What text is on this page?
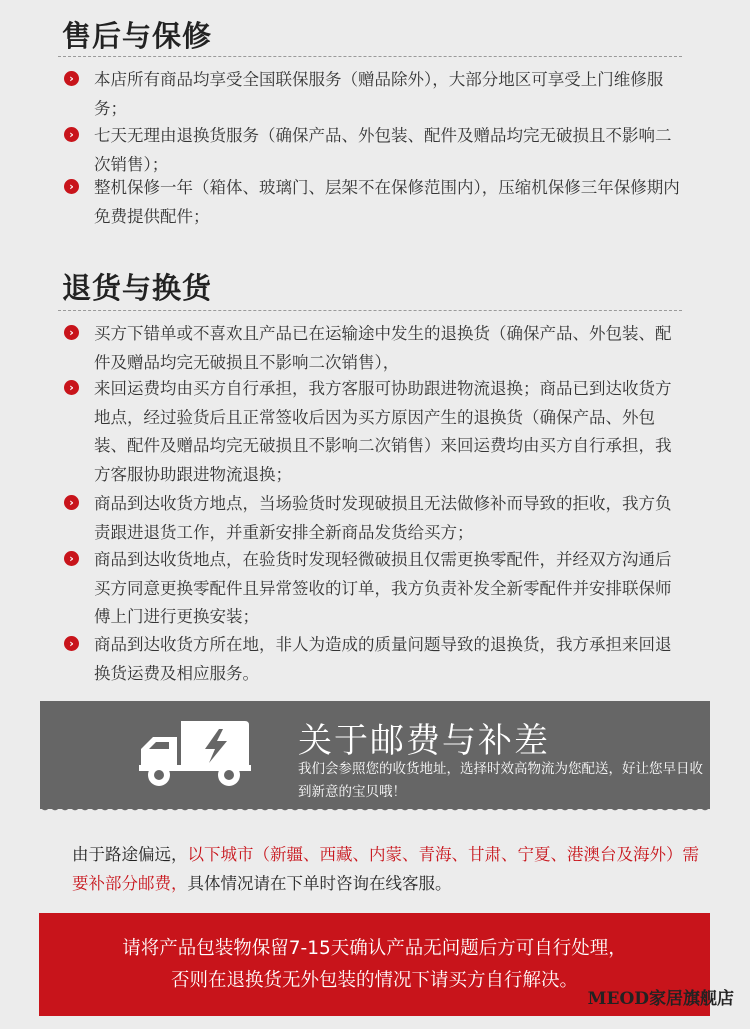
售后与保修
›	本店所有商品均享受全国联保服务（赠品除外），大部分地区可享受上门维修服务；
›	七天无理由退换货服务（确保产品、外包装、配件及赠品均完无破损且不影响二次销售）；
›	整机保修一年（箱体、玻璃门、层架不在保修范围内），压缩机保修三年保修期内免费提供配件；
退货与换货
›	买方下错单或不喜欢且产品已在运输途中发生的退换货（确保产品、外包装、配件及赠品均完无破损且不影响二次销售），
›	来回运费均由买方自行承担，我方客服可协助跟进物流退换；商品已到达收货方地点，经过验货后且正常签收后因为买方原因产生的退换货（确保产品、外包装、配件及赠品均完无破损且不影响二次销售）来回运费均由买方自行承担，我方客服协助跟进物流退换；
›	商品到达收货方地点，当场验货时发现破损且无法做修补而导致的拒收，我方负责跟进退货工作，并重新安排全新商品发货给买方；
›	商品到达收货地点，在验货时发现轻微破损且仅需更换零配件，并经双方沟通后买方同意更换零配件且异常签收的订单，我方负责补发全新零配件并安排联保师傅上门进行更换安装；
›	商品到达收货方所在地，非人为造成的质量问题导致的退换货，我方承担来回退换货运费及相应服务。
关于邮费与补差
我们会参照您的收货地址，选择时效高物流为您配送，好让您早日收到新意的宝贝哦！
由于路途偏远，以下城市（新疆、西藏、内蒙、青海、甘肃、宁夏、港澳台及海外）需要补部分邮费，具体情况请在下单时咨询在线客服。
请将产品包装物保留7-15天确认产品无问题后方可自行处理，
否则在退换货无外包装的情况下请买方自行解决。
MEOD家居旗舰店
